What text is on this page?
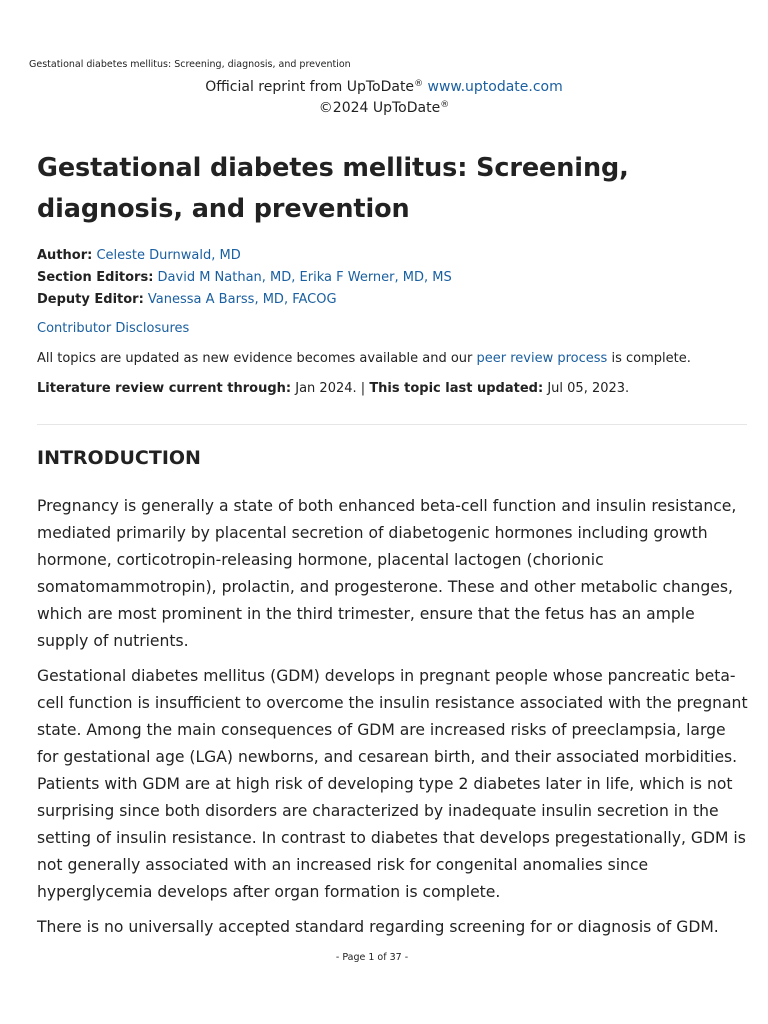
Gestational diabetes mellitus: Screening, diagnosis, and prevention
Official reprint from UpToDate® www.uptodate.com
©2024 UpToDate®
Gestational diabetes mellitus: Screening, diagnosis, and prevention
Author: Celeste Durnwald, MD
Section Editors: David M Nathan, MD, Erika F Werner, MD, MS
Deputy Editor: Vanessa A Barss, MD, FACOG
Contributor Disclosures
All topics are updated as new evidence becomes available and our peer review process is complete.
Literature review current through: Jan 2024. | This topic last updated: Jul 05, 2023.
INTRODUCTION

Pregnancy is generally a state of both enhanced beta-cell function and insulin resistance, mediated primarily by placental secretion of diabetogenic hormones including growth hormone, corticotropin-releasing hormone, placental lactogen (chorionic somatomammotropin), prolactin, and progesterone. These and other metabolic changes, which are most prominent in the third trimester, ensure that the fetus has an ample supply of nutrients.

Gestational diabetes mellitus (GDM) develops in pregnant people whose pancreatic beta-cell function is insufficient to overcome the insulin resistance associated with the pregnant state. Among the main consequences of GDM are increased risks of preeclampsia, large for gestational age (LGA) newborns, and cesarean birth, and their associated morbidities. Patients with GDM are at high risk of developing type 2 diabetes later in life, which is not surprising since both disorders are characterized by inadequate insulin secretion in the setting of insulin resistance. In contrast to diabetes that develops pregestationally, GDM is not generally associated with an increased risk for congenital anomalies since hyperglycemia develops after organ formation is complete.

There is no universally accepted standard regarding screening for or diagnosis of GDM.

- Page 1 of 37 -
